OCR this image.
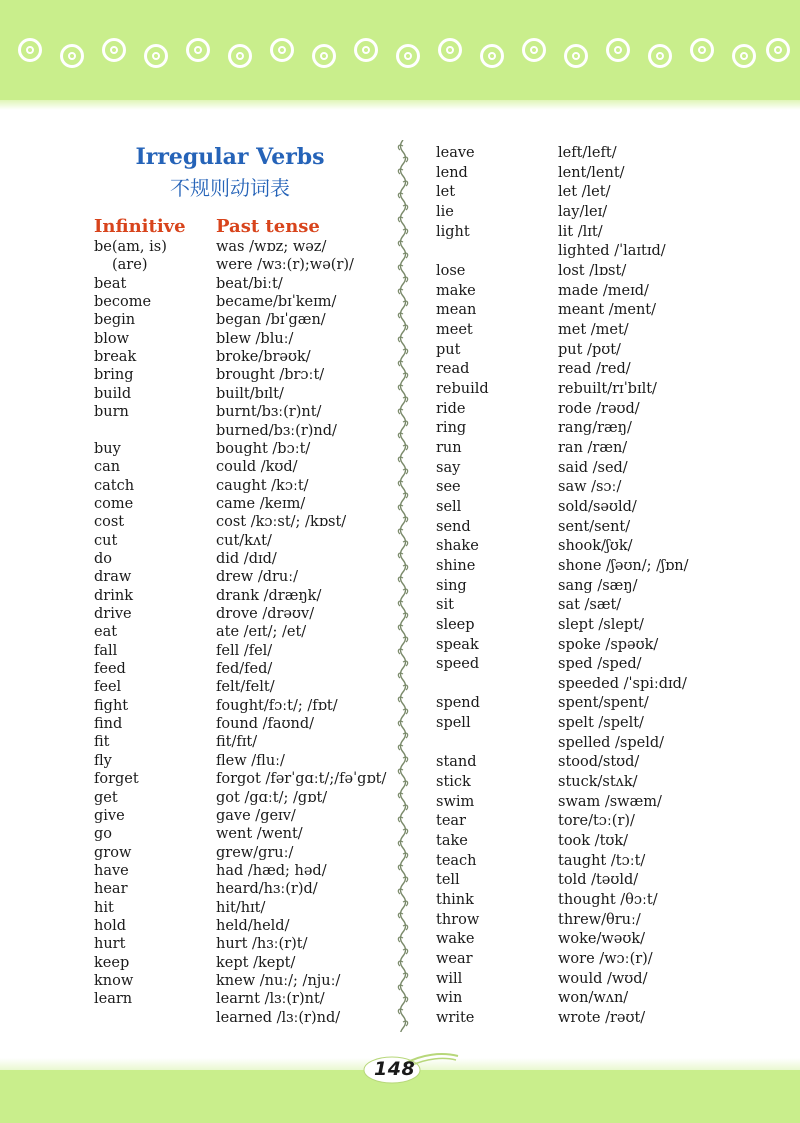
Irregular Verbs
不规则动词表
Infinitive Past tense
be(am, is)	was /wɒz; wəz/
(are)	were /wɜː(r);wə(r)/
beat	beat/biːt/
become	became/bɪˈkeɪm/
begin	began /bɪˈgæn/
blow	blew /bluː/
break	broke/brəʊk/
bring	brought /brɔːt/
build	built/bɪlt/
burn	burnt/bɜː(r)nt/
burned/bɜː(r)nd/
buy	bought /bɔːt/
can	could /kʊd/
catch	caught /kɔːt/
come	came /keɪm/
cost	cost /kɔːst/; /kɒst/
cut	cut/kʌt/
do	did /dɪd/
draw	drew /druː/
drink	drank /dræŋk/
drive	drove /drəʊv/
eat	ate /eɪt/; /et/
fall	fell /fel/
feed	fed/fed/
feel	felt/felt/
fight	fought/fɔːt/; /fɒt/
find	found /faʊnd/
fit	fit/fɪt/
fly	flew /fluː/
forget	forgot /fərˈgɑːt/;/fəˈgɒt/
get	got /gɑːt/; /gɒt/
give	gave /geɪv/
go	went /went/
grow	grew/gruː/
have	had /hæd; həd/
hear	heard/hɜː(r)d/
hit	hit/hɪt/
hold	held/held/
hurt	hurt /hɜː(r)t/
keep	kept /kept/
know	knew /nuː/; /njuː/
learn	learnt /lɜː(r)nt/
learned /lɜː(r)nd/
leave	left/left/
lend	lent/lent/
let	let /let/
lie	lay/leɪ/
light	lit /lɪt/
lighted /ˈlaɪtɪd/
lose	lost /lɒst/
make	made /meɪd/
mean	meant /ment/
meet	met /met/
put	put /pʊt/
read	read /red/
rebuild	rebuilt/rɪˈbɪlt/
ride	rode /rəʊd/
ring	rang/ræŋ/
run	ran /ræn/
say	said /sed/
see	saw /sɔː/
sell	sold/səʊld/
send	sent/sent/
shake	shook/ʃʊk/
shine	shone /ʃəʊn/; /ʃɒn/
sing	sang /sæŋ/
sit	sat /sæt/
sleep	slept /slept/
speak	spoke /spəʊk/
speed	sped /sped/
speeded /ˈspiːdɪd/
spend	spent/spent/
spell	spelt /spelt/
spelled /speld/
stand	stood/stʊd/
stick	stuck/stʌk/
swim	swam /swæm/
tear	tore/tɔː(r)/
take	took /tʊk/
teach	taught /tɔːt/
tell	told /təʊld/
think	thought /θɔːt/
throw	threw/θruː/
wake	woke/wəʊk/
wear	wore /wɔː(r)/
will	would /wʊd/
win	won/wʌn/
write	wrote /rəʊt/
148
